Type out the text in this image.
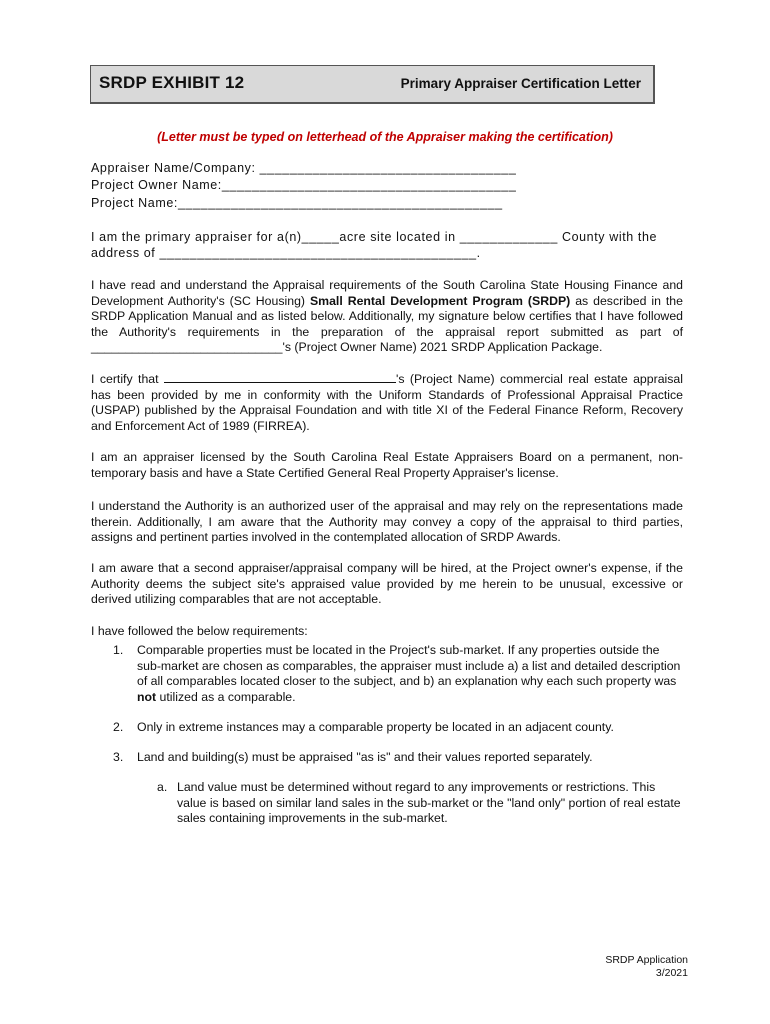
SRDP EXHIBIT 12	Primary Appraiser Certification Letter
(Letter must be typed on letterhead of the Appraiser making the certification)
Appraiser Name/Company: __________________________________
Project Owner Name:_______________________________________
Project Name:___________________________________________
I am the primary appraiser for a(n)_____acre site located in _____________ County with the
address of __________________________________________.

I have read and understand the Appraisal requirements of the South Carolina State Housing Finance and Development Authority's (SC Housing) Small Rental Development Program (SRDP) as described in the SRDP Application Manual and as listed below. Additionally, my signature below certifies that I have followed the Authority's requirements in the preparation of the appraisal report submitted as part of ____________________________'s (Project Owner Name) 2021 SRDP Application Package.

I certify that	's (Project Name) commercial real estate appraisal has been provided by me in conformity with the Uniform Standards of Professional Appraisal Practice (USPAP) published by the Appraisal Foundation and with title XI of the Federal Finance Reform, Recovery and Enforcement Act of 1989 (FIRREA).

I am an appraiser licensed by the South Carolina Real Estate Appraisers Board on a permanent, non-temporary basis and have a State Certified General Real Property Appraiser's license.

I understand the Authority is an authorized user of the appraisal and may rely on the representations made therein. Additionally, I am aware that the Authority may convey a copy of the appraisal to third parties, assigns and pertinent parties involved in the contemplated allocation of SRDP Awards.

I am aware that a second appraiser/appraisal company will be hired, at the Project owner's expense, if the Authority deems the subject site's appraised value provided by me herein to be unusual, excessive or derived utilizing comparables that are not acceptable.

I have followed the below requirements:

1.	Comparable properties must be located in the Project's sub-market. If any properties outside the sub-market are chosen as comparables, the appraiser must include a) a list and detailed description of all comparables located closer to the subject, and b) an explanation why each such property was not utilized as a comparable.
2.	Only in extreme instances may a comparable property be located in an adjacent county.
3.	Land and building(s) must be appraised "as is" and their values reported separately.
a. Land value must be determined without regard to any improvements or restrictions. This value is based on similar land sales in the sub-market or the "land only" portion of real estate sales containing improvements in the sub-market.
SRDP Application
3/2021
